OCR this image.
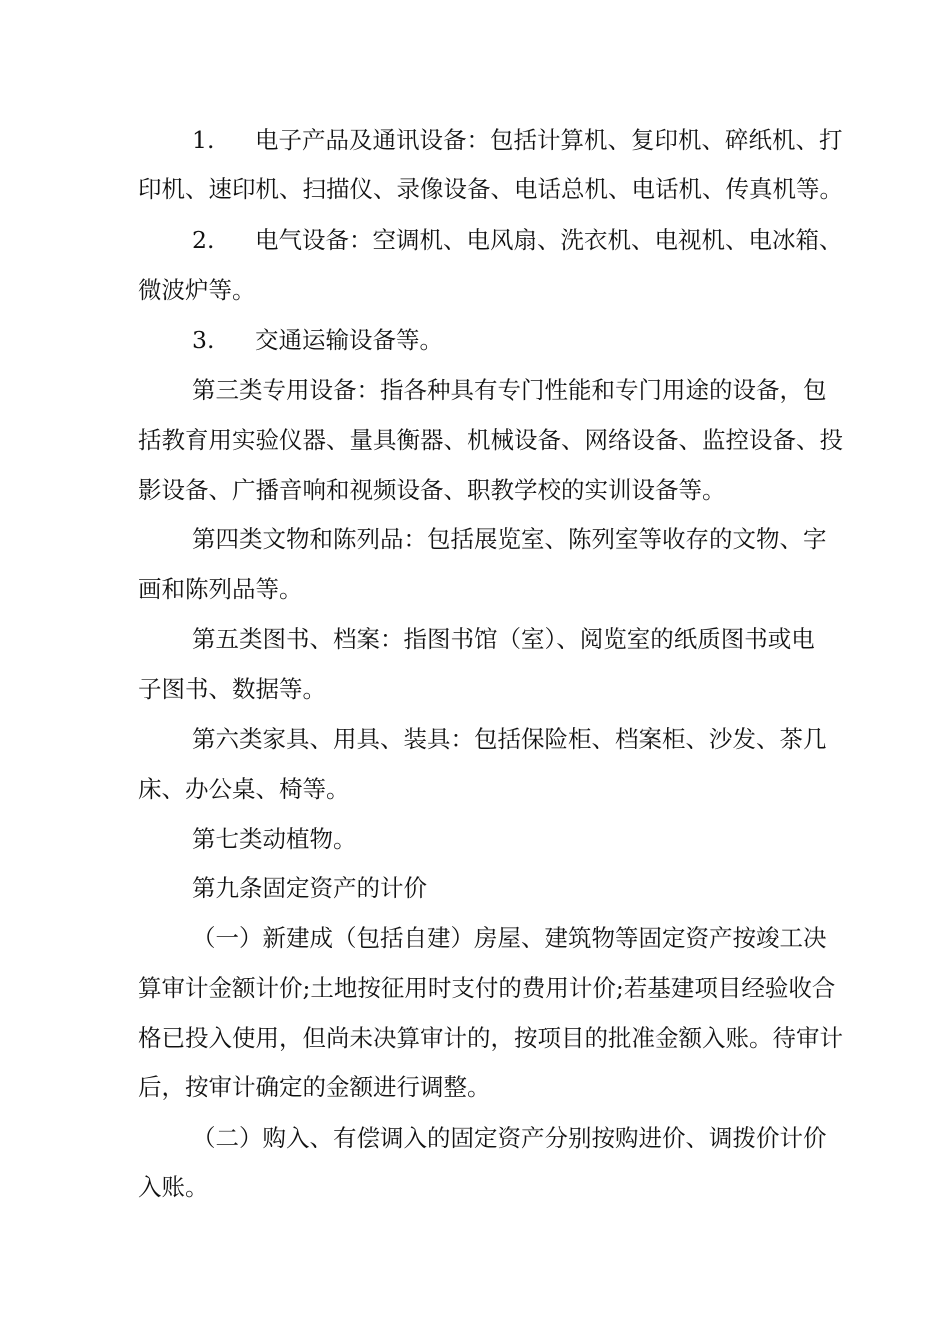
1. 电子产品及通讯设备：包括计算机、复印机、碎纸机、打
印机、速印机、扫描仪、录像设备、电话总机、电话机、传真机等。
2. 电气设备：空调机、电风扇、洗衣机、电视机、电冰箱、
微波炉等。
3. 交通运输设备等。
第三类专用设备：指各种具有专门性能和专门用途的设备，包
括教育用实验仪器、量具衡器、机械设备、网络设备、监控设备、投
影设备、广播音响和视频设备、职教学校的实训设备等。
第四类文物和陈列品：包括展览室、陈列室等收存的文物、字
画和陈列品等。
第五类图书、档案：指图书馆（室）、阅览室的纸质图书或电
子图书、数据等。
第六类家具、用具、装具：包括保险柜、档案柜、沙发、茶几
床、办公桌、椅等。
第七类动植物。
第九条固定资产的计价
（一）新建成（包括自建）房屋、建筑物等固定资产按竣工决
算审计金额计价;土地按征用时支付的费用计价;若基建项目经验收合
格已投入使用，但尚未决算审计的，按项目的批准金额入账。待审计
后，按审计确定的金额进行调整。
（二）购入、有偿调入的固定资产分别按购进价、调拨价计价
入账。
